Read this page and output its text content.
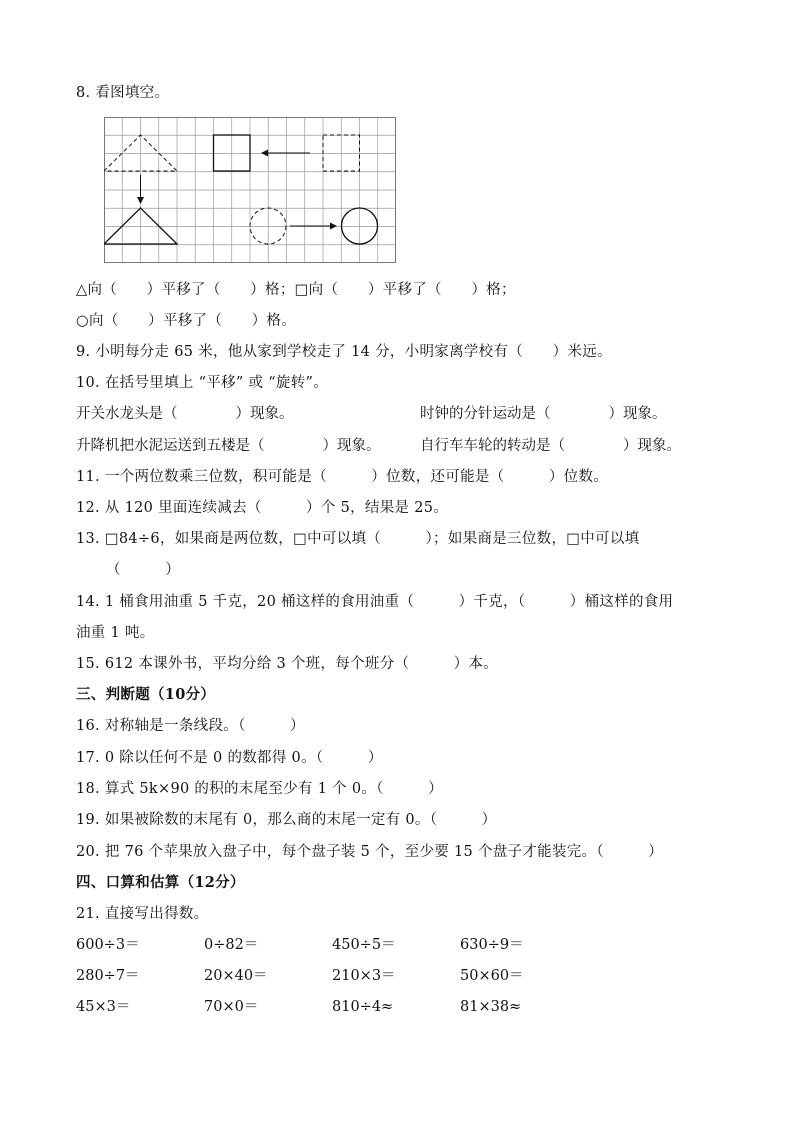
8. 看图填空。
△向（　　）平移了（　　）格；□向（　　）平移了（　　）格；
○向（　　）平移了（　　）格。
9. 小明每分走 65 米，他从家到学校走了 14 分，小明家离学校有（　　）米远。
10. 在括号里填上 “平移” 或 “旋转”。
开关水龙头是（　　　　）现象。	时钟的分针运动是（　　　　）现象。
升降机把水泥运送到五楼是（　　　　）现象。	自行车车轮的转动是（　　　　）现象。
11. 一个两位数乘三位数，积可能是（　　　）位数，还可能是（　　　）位数。
12. 从 120 里面连续减去（　　　）个 5，结果是 25。
13. □84÷6，如果商是两位数，□中可以填（　　　）；如果商是三位数，□中可以填
（　　　）
14. 1 桶食用油重 5 千克，20 桶这样的食用油重（　　　）千克，（　　　）桶这样的食用
油重 1 吨。
15. 612 本课外书，平均分给 3 个班，每个班分（　　　）本。
三、判断题（10分）
16. 对称轴是一条线段。（　　　）
17. 0 除以任何不是 0 的数都得 0。（　　　）
18. 算式 5k×90 的积的末尾至少有 1 个 0。（　　　）
19. 如果被除数的末尾有 0，那么商的末尾一定有 0。（　　　）
20. 把 76 个苹果放入盘子中，每个盘子装 5 个，至少要 15 个盘子才能装完。（　　　）
四、口算和估算（12分）
21. 直接写出得数。
600÷3＝	0÷82＝	450÷5＝	630÷9＝
280÷7＝	20×40＝	210×3＝	50×60＝
45×3＝	70×0＝	810÷4≈	81×38≈
